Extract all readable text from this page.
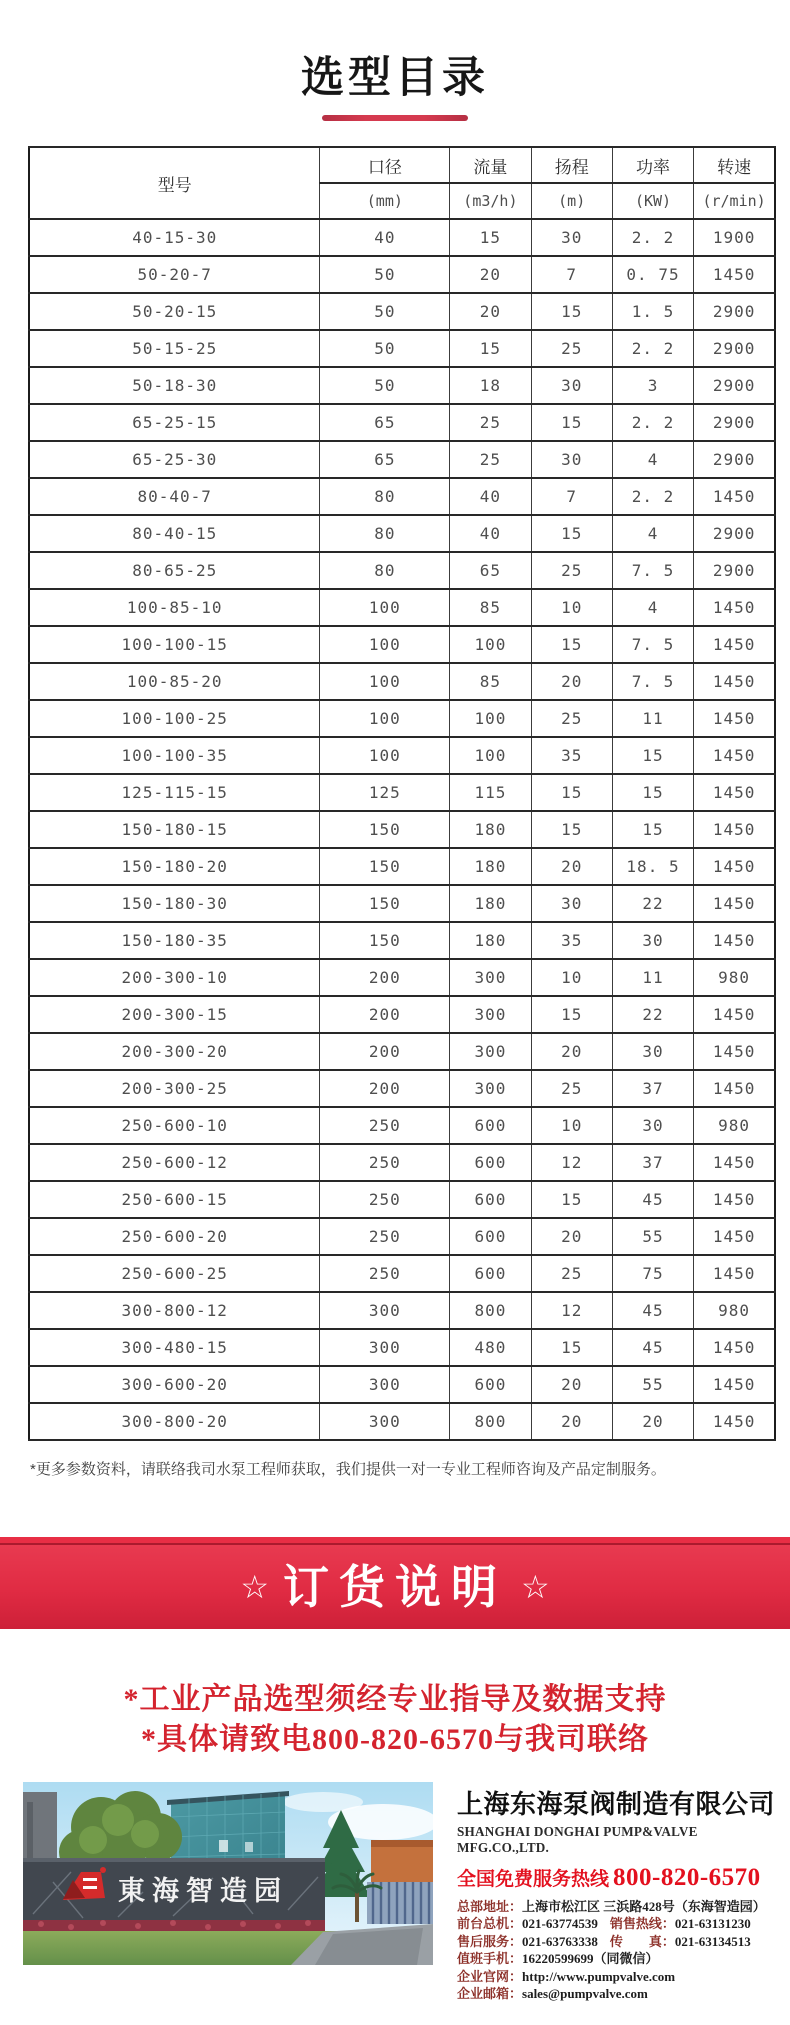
选型目录
型号	口径	流量	扬程	功率	转速
	(mm)	(m3/h)	(m)	(KW)	(r/min)
40-15-30	40	15	30	2. 2	1900
50-20-7	50	20	7	0. 75	1450
50-20-15	50	20	15	1. 5	2900
50-15-25	50	15	25	2. 2	2900
50-18-30	50	18	30	3	2900
65-25-15	65	25	15	2. 2	2900
65-25-30	65	25	30	4	2900
80-40-7	80	40	7	2. 2	1450
80-40-15	80	40	15	4	2900
80-65-25	80	65	25	7. 5	2900
100-85-10	100	85	10	4	1450
100-100-15	100	100	15	7. 5	1450
100-85-20	100	85	20	7. 5	1450
100-100-25	100	100	25	11	1450
100-100-35	100	100	35	15	1450
125-115-15	125	115	15	15	1450
150-180-15	150	180	15	15	1450
150-180-20	150	180	20	18. 5	1450
150-180-30	150	180	30	22	1450
150-180-35	150	180	35	30	1450
200-300-10	200	300	10	11	980
200-300-15	200	300	15	22	1450
200-300-20	200	300	20	30	1450
200-300-25	200	300	25	37	1450
250-600-10	250	600	10	30	980
250-600-12	250	600	12	37	1450
250-600-15	250	600	15	45	1450
250-600-20	250	600	20	55	1450
250-600-25	250	600	25	75	1450
300-800-12	300	800	12	45	980
300-480-15	300	480	15	45	1450
300-600-20	300	600	20	55	1450
300-800-20	300	800	20	20	1450
*更多参数资料，请联络我司水泵工程师获取，我们提供一对一专业工程师咨询及产品定制服务。
☆ 订货说明 ☆
*工业产品选型须经专业指导及数据支持
*具体请致电800-820-6570与我司联络
東海智造园

上海东海泵阀制造有限公司

SHANGHAI DONGHAI PUMP&VALVE MFG.CO.,LTD.
全国免费服务热线 800-820-6570
总部地址：上海市松江区 三浜路428号（东海智造园）
前台总机：021-63774539 销售热线：021-63131230
售后服务：021-63763338 传　　真：021-63134513
值班手机：16220599699（同微信）
企业官网：http://www.pumpvalve.com
企业邮箱：sales@pumpvalve.com
